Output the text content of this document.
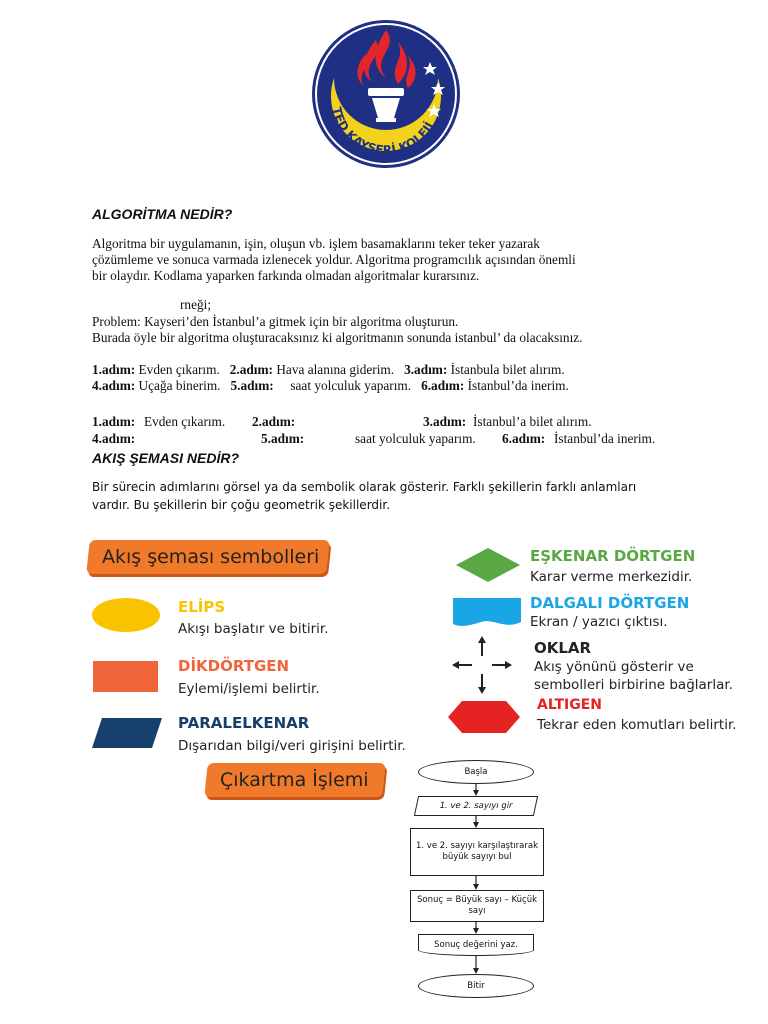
TED KAYSERİ KOLEJİ
ALGORİTMA NEDİR?
Algoritma bir uygulamanın, işin, oluşun vb. işlem basamaklarını teker teker yazarak
çözümleme ve sonuca varmada izlenecek yoldur. Algoritma programcılık açısından önemli
bir olaydır. Kodlama yaparken farkında olmadan algoritmalar kurarsınız.
rneği;
Problem: Kayseri’den İstanbul’a gitmek için bir algoritma oluşturun.
Burada öyle bir algoritma oluşturacaksınız ki algoritmanın sonunda istanbul’ da olacaksınız.
1.adım: Evden çıkarım. 2.adım: Hava alanına giderim. 3.adım: İstanbula bilet alırım.
4.adım: Uçağa binerim. 5.adım: saat yolculuk yaparım. 6.adım: İstanbul’da inerim.
1.adım: Evden çıkarım. 2.adım:	3.adım: İstanbul’a bilet alırım.
4.adım:	5.adım:	saat yolculuk yaparım. 6.adım: İstanbul’da inerim.
AKIŞ ŞEMASI NEDİR?
Bir sürecin adımlarını görsel ya da sembolik olarak gösterir. Farklı şekillerin farklı anlamları
vardır. Bu şekillerin bir çoğu geometrik şekillerdir.
Akış şeması sembolleri
ELİPS
Akışı başlatır ve bitirir.
DİKDÖRTGEN
Eylemi/işlemi belirtir.
PARALELKENAR
Dışarıdan bilgi/veri girişini belirtir.
EŞKENAR DÖRTGEN
Karar verme merkezidir.
DALGALI DÖRTGEN
Ekran / yazıcı çıktısı.
OKLAR
Akış yönünü gösterir ve
sembolleri birbirine bağlarlar.
ALTIGEN
Tekrar eden komutları belirtir.
Çıkartma İşlemi	Başla
1. ve 2. sayıyı gir
1. ve 2. sayıyı karşılaştırarak büyük sayıyı bul
Sonuç = Büyük sayı – Küçük sayı
Sonuç değerini yaz.
Bitir
